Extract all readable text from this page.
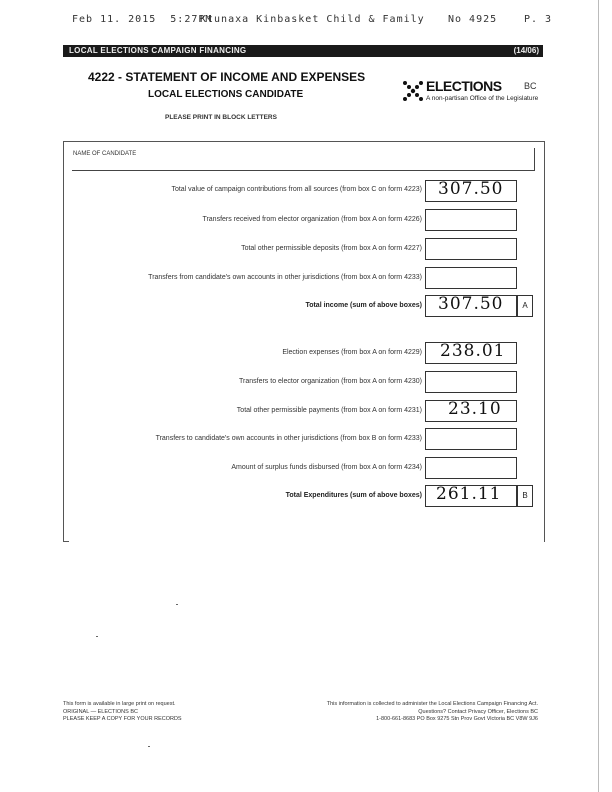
Feb 11. 2015  5:27PM

Ktunaxa Kinbasket Child & Family

No 4925

	P. 3

LOCAL ELECTIONS CAMPAIGN FINANCING	(14/06)
4222 - STATEMENT OF INCOME AND EXPENSES
LOCAL ELECTIONS CANDIDATE
PLEASE PRINT IN BLOCK LETTERS
ELECTIONS BC
A non-partisan Office of the Legislature
NAME OF CANDIDATE
Total value of campaign contributions from all sources (from box C on form 4223) 307.50
Transfers received from elector organization (from box A on form 4226)
Total other permissible deposits (from box A on form 4227)
Transfers from candidate's own accounts in other jurisdictions (from box A on form 4233)
Total income (sum of above boxes) 307.50	A
Election expenses (from box A on form 4229) 238.01
Transfers to elector organization (from box A on form 4230)
Total other permissible payments (from box A on form 4231) 23.10
Transfers to candidate's own accounts in other jurisdictions (from box B on form 4233)
Amount of surplus funds disbursed (from box A on form 4234)
Total Expenditures (sum of above boxes) 261.11	B
This form is available in large print on request.
ORIGINAL — ELECTIONS BC
PLEASE KEEP A COPY FOR YOUR RECORDS
This information is collected to administer the Local Elections Campaign Financing Act.
Questions? Contact Privacy Officer, Elections BC
1-800-661-8683 PO Box 9275 Stn Prov Govt Victoria BC V8W 9J6
